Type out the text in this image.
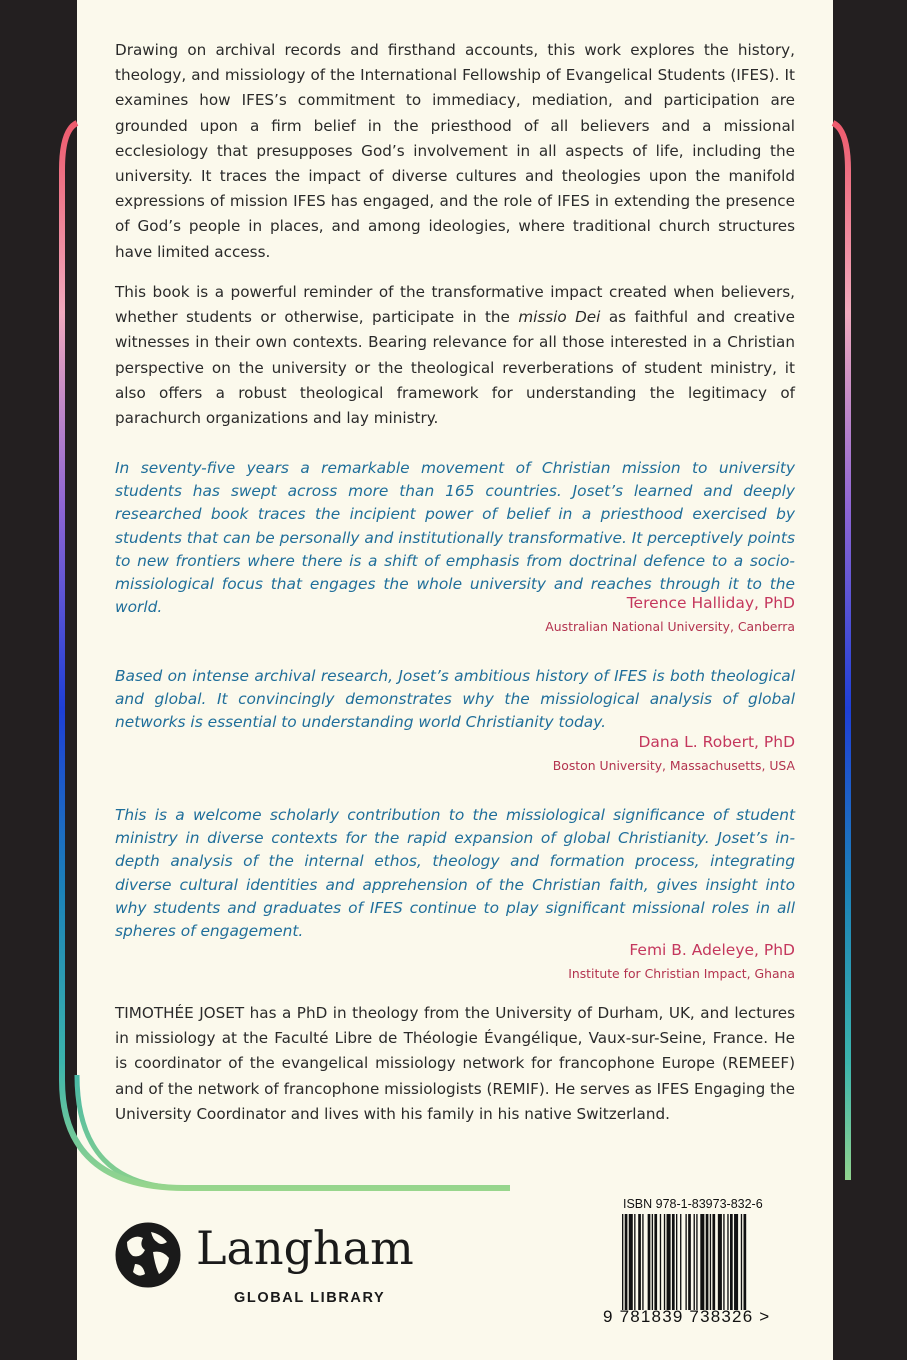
Drawing on archival records and firsthand accounts, this work explores the history, theology, and missiology of the International Fellowship of Evangelical Students (IFES). It examines how IFES’s commitment to immediacy, mediation, and participation are grounded upon a firm belief in the priesthood of all believers and a missional ecclesiology that presupposes God’s involvement in all aspects of life, including the university. It traces the impact of diverse cultures and theologies upon the manifold expressions of mission IFES has engaged, and the role of IFES in extending the presence of God’s people in places, and among ideologies, where traditional church structures have limited access.

This book is a powerful reminder of the transformative impact created when believers, whether students or otherwise, participate in the missio Dei as faithful and creative witnesses in their own contexts. Bearing relevance for all those interested in a Christian perspective on the university or the theological reverberations of student ministry, it also offers a robust theological framework for understanding the legitimacy of parachurch organizations and lay ministry.

In seventy-five years a remarkable movement of Christian mission to university students has swept across more than 165 countries. Joset’s learned and deeply researched book traces the incipient power of belief in a priesthood exercised by students that can be personally and institutionally transformative. It perceptively points to new frontiers where there is a shift of emphasis from doctrinal defence to a socio-missiological focus that engages the whole university and reaches through it to the world.	Terence Halliday, PhD
Australian National University, Canberra

Based on intense archival research, Joset’s ambitious history of IFES is both theological and global. It convincingly demonstrates why the missiological analysis of global networks is essential to understanding world Christianity today.

Dana L. Robert, PhD
Boston University, Massachusetts, USA

This is a welcome scholarly contribution to the missiological significance of student ministry in diverse contexts for the rapid expansion of global Christianity. Joset’s in-depth analysis of the internal ethos, theology and formation process, integrating diverse cultural identities and apprehension of the Christian faith, gives insight into why students and graduates of IFES continue to play significant missional roles in all spheres of engagement.

Femi B. Adeleye, PhD
Institute for Christian Impact, Ghana

TIMOTHÉE JOSET has a PhD in theology from the University of Durham, UK, and lectures in missiology at the Faculté Libre de Théologie Évangélique, Vaux-sur-Seine, France. He is coordinator of the evangelical missiology network for francophone Europe (REMEEF) and of the network of francophone missiologists (REMIF). He serves as IFES Engaging the University Coordinator and lives with his family in his native Switzerland.

Langham
GLOBAL LIBRARY
ISBN 978-1-83973-832-6
9 781839 738326 >
